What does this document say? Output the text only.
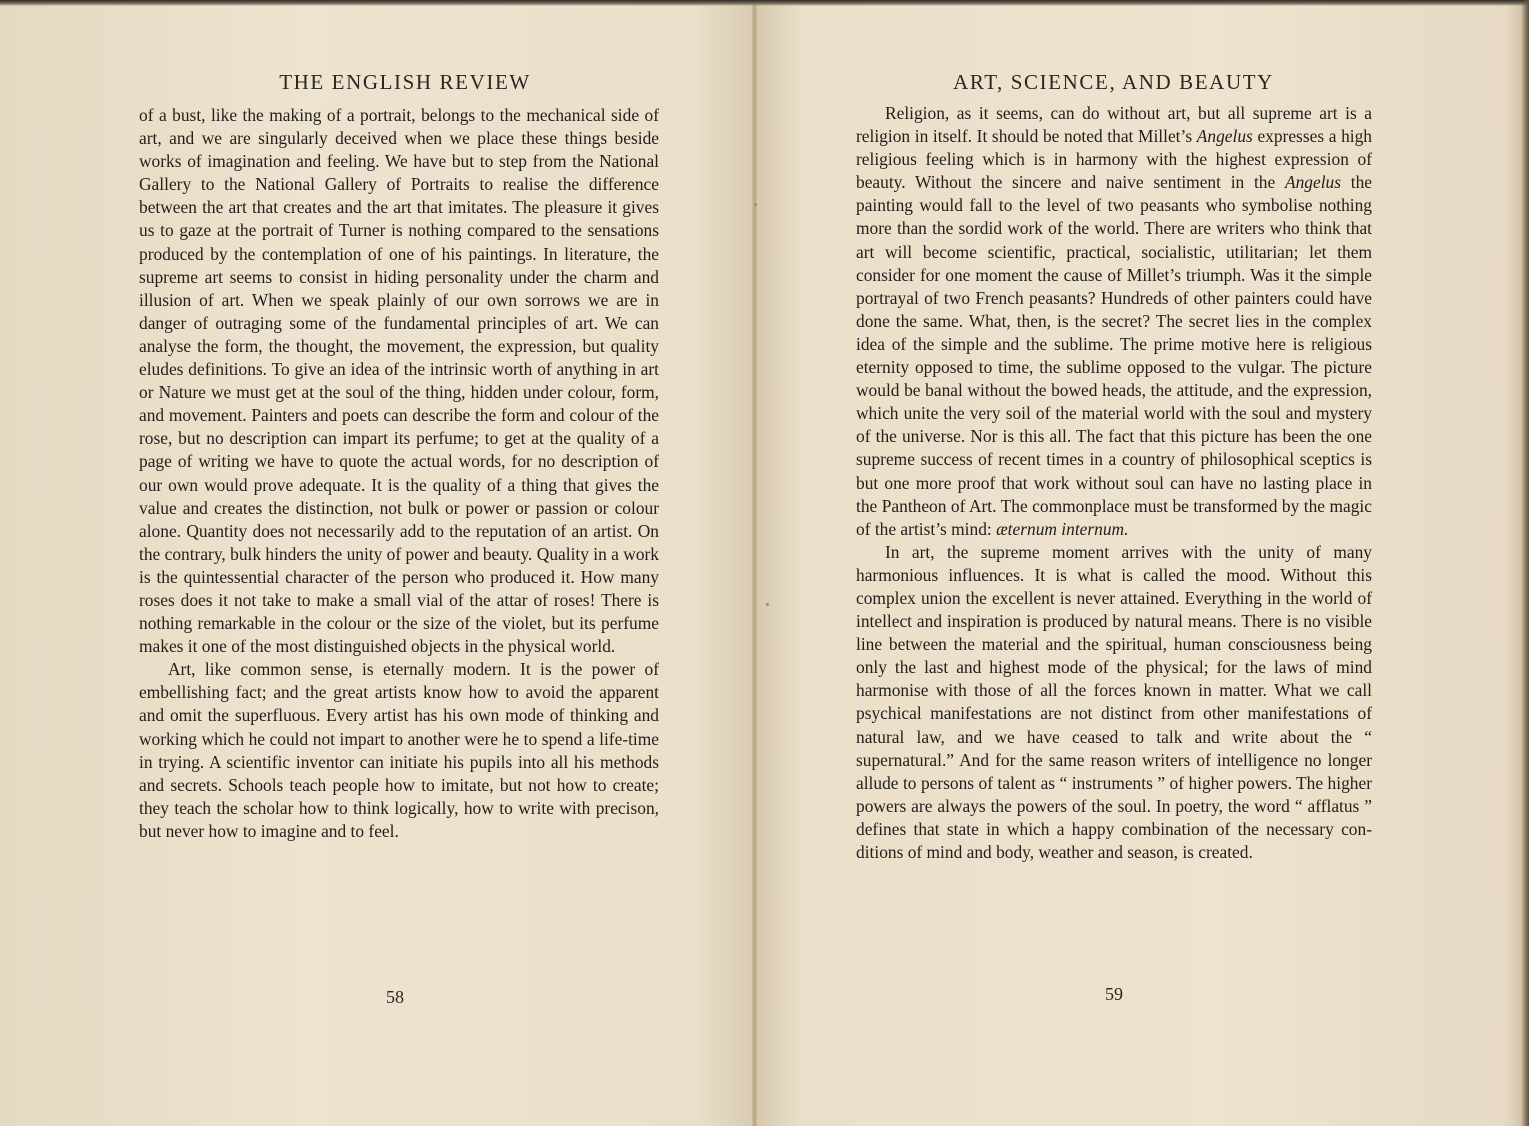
THE ENGLISH REVIEW

of a bust, like the making of a portrait, belongs to the mechanical side of art, and we are singularly deceived when we place these things beside works of imagination and feeling. We have but to step from the National Gallery to the National Gallery of Portraits to realise the difference between the art that creates and the art that imitates. The pleasure it gives us to gaze at the portrait of Turner is nothing compared to the sensations produced by the contemplation of one of his paintings. In literature, the supreme art seems to consist in hiding personality under the charm and illusion of art. When we speak plainly of our own sorrows we are in danger of outraging some of the fundamental principles of art. We can analyse the form, the thought, the movement, the expression, but quality eludes definitions. To give an idea of the intrinsic worth of anything in art or Nature we must get at the soul of the thing, hidden under colour, form, and movement. Painters and poets can describe the form and colour of the rose, but no description can impart its perfume; to get at the quality of a page of writing we have to quote the actual words, for no description of our own would prove adequate. It is the quality of a thing that gives the value and creates the distinction, not bulk or power or passion or colour alone. Quantity does not necessarily add to the reputation of an artist. On the contrary, bulk hinders the unity of power and beauty. Quality in a work is the quintessential character of the person who produced it. How many roses does it not take to make a small vial of the attar of roses! There is nothing remarkable in the colour or the size of the violet, but its perfume makes it one of the most distinguished objects in the physical world.

Art, like common sense, is eternally modern. It is the power of embellishing fact; and the great artists know how to avoid the apparent and omit the superfluous. Every artist has his own mode of thinking and working which he could not impart to another were he to spend a life-time in trying. A scientific inventor can initiate his pupils into all his methods and secrets. Schools teach people how to imitate, but not how to create; they teach the scholar how to think logically, how to write with precison, but never how to imagine and to feel.

58
ART, SCIENCE, AND BEAUTY

Religion, as it seems, can do without art, but all supreme art is a religion in itself. It should be noted that Millet’s Angelus expresses a high religious feeling which is in harmony with the highest expression of beauty. Without the sincere and naive sentiment in the Angelus the painting would fall to the level of two peasants who symbolise nothing more than the sordid work of the world. There are writers who think that art will become scientific, practical, socialistic, utilitarian; let them consider for one moment the cause of Millet’s triumph. Was it the simple portrayal of two French peasants? Hundreds of other painters could have done the same. What, then, is the secret? The secret lies in the complex idea of the simple and the sublime. The prime motive here is religious eternity opposed to time, the sublime opposed to the vulgar. The picture would be banal without the bowed heads, the attitude, and the expression, which unite the very soil of the material world with the soul and mystery of the universe. Nor is this all. The fact that this picture has been the one supreme success of recent times in a country of philosophical sceptics is but one more proof that work without soul can have no lasting place in the Pantheon of Art. The commonplace must be transformed by the magic of the artist’s mind: æternum internum.

In art, the supreme moment arrives with the unity of many harmonious influences. It is what is called the mood. Without this complex union the excellent is never attained. Everything in the world of intellect and inspiration is produced by natural means. There is no visible line between the material and the spiritual, human consciousness being only the last and highest mode of the physical; for the laws of mind harmonise with those of all the forces known in matter. What we call psychical manifestations are not distinct from other manifestations of natural law, and we have ceased to talk and write about the “ supernatural.” And for the same reason writers of intelligence no longer allude to persons of talent as “ instruments ” of higher powers. The higher powers are always the powers of the soul. In poetry, the word “ afflatus ” defines that state in which a happy combination of the necessary conditions of mind and body, weather and season, is created.

59
